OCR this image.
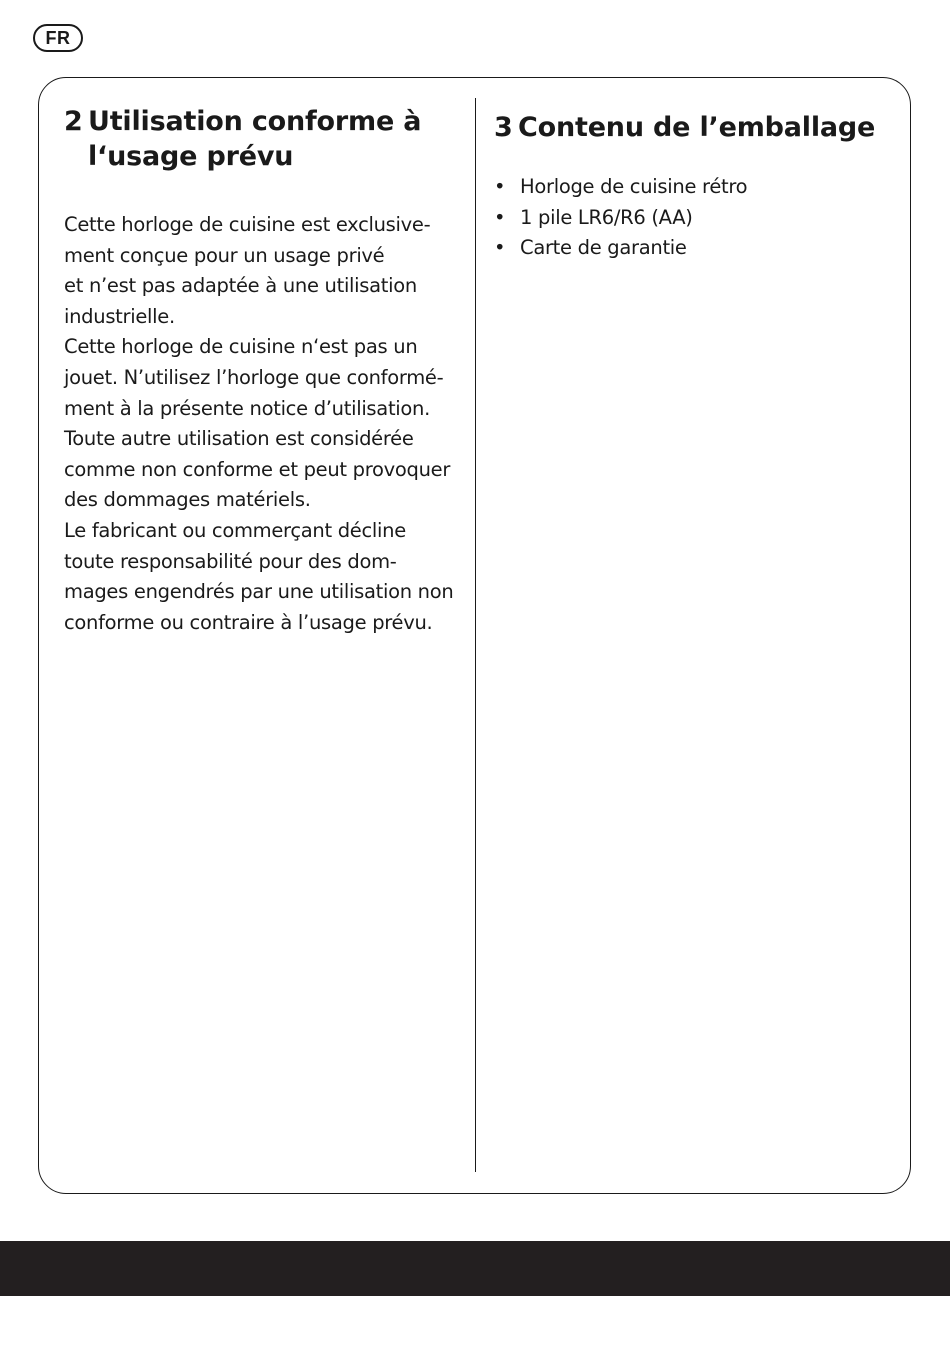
FR
2 Utilisation conforme à
l‘usage prévu

Cette horloge de cuisine est exclusive-
ment conçue pour un usage privé
et n’est pas adaptée à une utilisation
industrielle.
Cette horloge de cuisine n‘est pas un
jouet. N’utilisez l’horloge que conformé-
ment à la présente notice d’utilisation.
Toute autre utilisation est considérée
comme non conforme et peut provoquer
des dommages matériels.
Le fabricant ou commerçant décline
toute responsabilité pour des dom-
mages engendrés par une utilisation non
conforme ou contraire à l’usage prévu.

3 Contenu de l’emballage
• Horloge de cuisine rétro
• 1 pile LR6/R6 (AA)
• Carte de garantie
